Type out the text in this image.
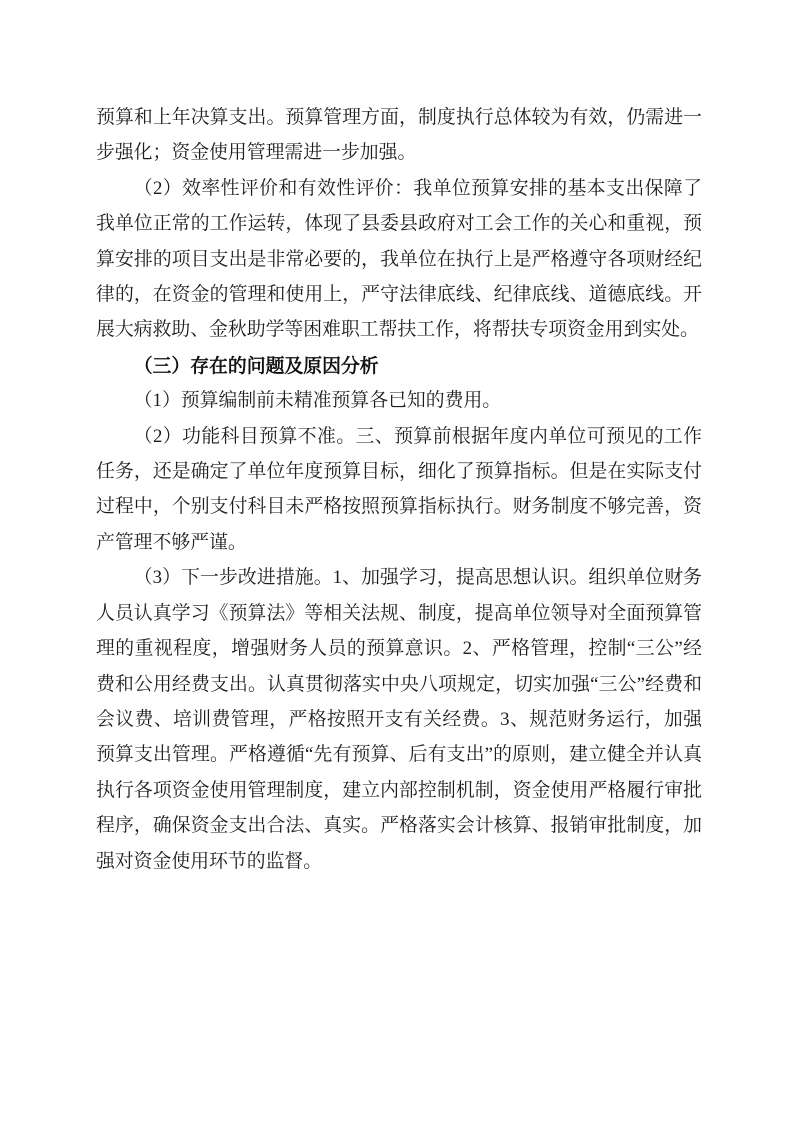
预算和上年决算支出。预算管理方面，制度执行总体较为有效，仍需进一步强化；资金使用管理需进一步加强。

（2）效率性评价和有效性评价：我单位预算安排的基本支出保障了我单位正常的工作运转，体现了县委县政府对工会工作的关心和重视，预算安排的项目支出是非常必要的，我单位在执行上是严格遵守各项财经纪律的，在资金的管理和使用上，严守法律底线、纪律底线、道德底线。开展大病救助、金秋助学等困难职工帮扶工作，将帮扶专项资金用到实处。

（三）存在的问题及原因分析

（1）预算编制前未精准预算各已知的费用。

（2）功能科目预算不准。三、预算前根据年度内单位可预见的工作任务，还是确定了单位年度预算目标，细化了预算指标。但是在实际支付过程中，个别支付科目未严格按照预算指标执行。财务制度不够完善，资产管理不够严谨。

（3）下一步改进措施。1、加强学习，提高思想认识。组织单位财务人员认真学习《预算法》等相关法规、制度，提高单位领导对全面预算管理的重视程度，增强财务人员的预算意识。2、严格管理，控制“三公”经费和公用经费支出。认真贯彻落实中央八项规定，切实加强“三公”经费和会议费、培训费管理，严格按照开支有关经费。3、规范财务运行，加强预算支出管理。严格遵循“先有预算、后有支出”的原则，建立健全并认真执行各项资金使用管理制度，建立内部控制机制，资金使用严格履行审批程序，确保资金支出合法、真实。严格落实会计核算、报销审批制度，加强对资金使用环节的监督。
